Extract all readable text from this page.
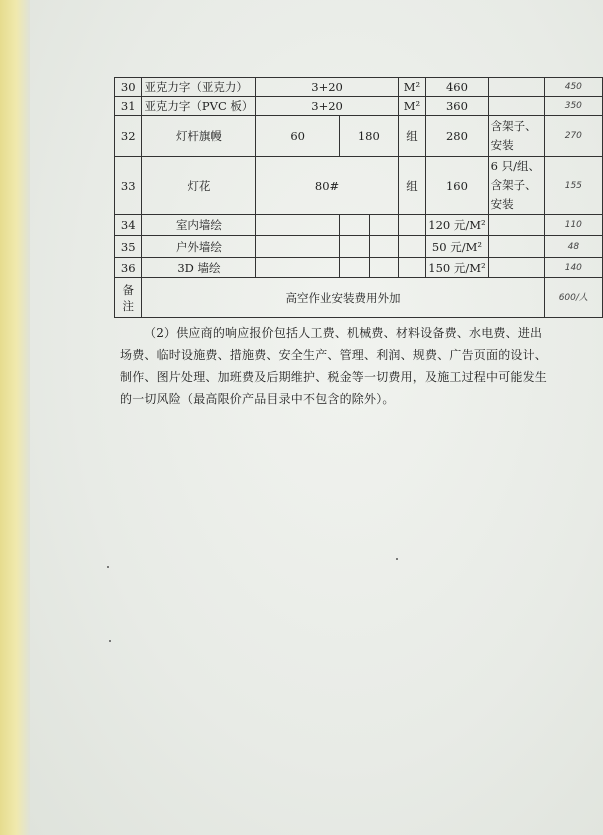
30	亚克力字（亚克力）	3+20			M²	460		450
31	亚克力字（PVC 板）	3+20			M²	360		350
32	灯杆旗幔	60	180		组	280	含架子、安装	270
33	灯花	80#			组	160	6 只/组、含架子、安装	155
34	室内墙绘					120 元/M²		110
35	户外墙绘					50 元/M²		48
36	3D 墙绘					150 元/M²		140
备注	高空作业安装费用外加							600/人

（2）供应商的响应报价包括人工费、机械费、材料设备费、水电费、进出场费、临时设施费、措施费、安全生产、管理、利润、规费、广告页面的设计、制作、图片处理、加班费及后期维护、税金等一切费用，及施工过程中可能发生的一切风险（最高限价产品目录中不包含的除外）。
